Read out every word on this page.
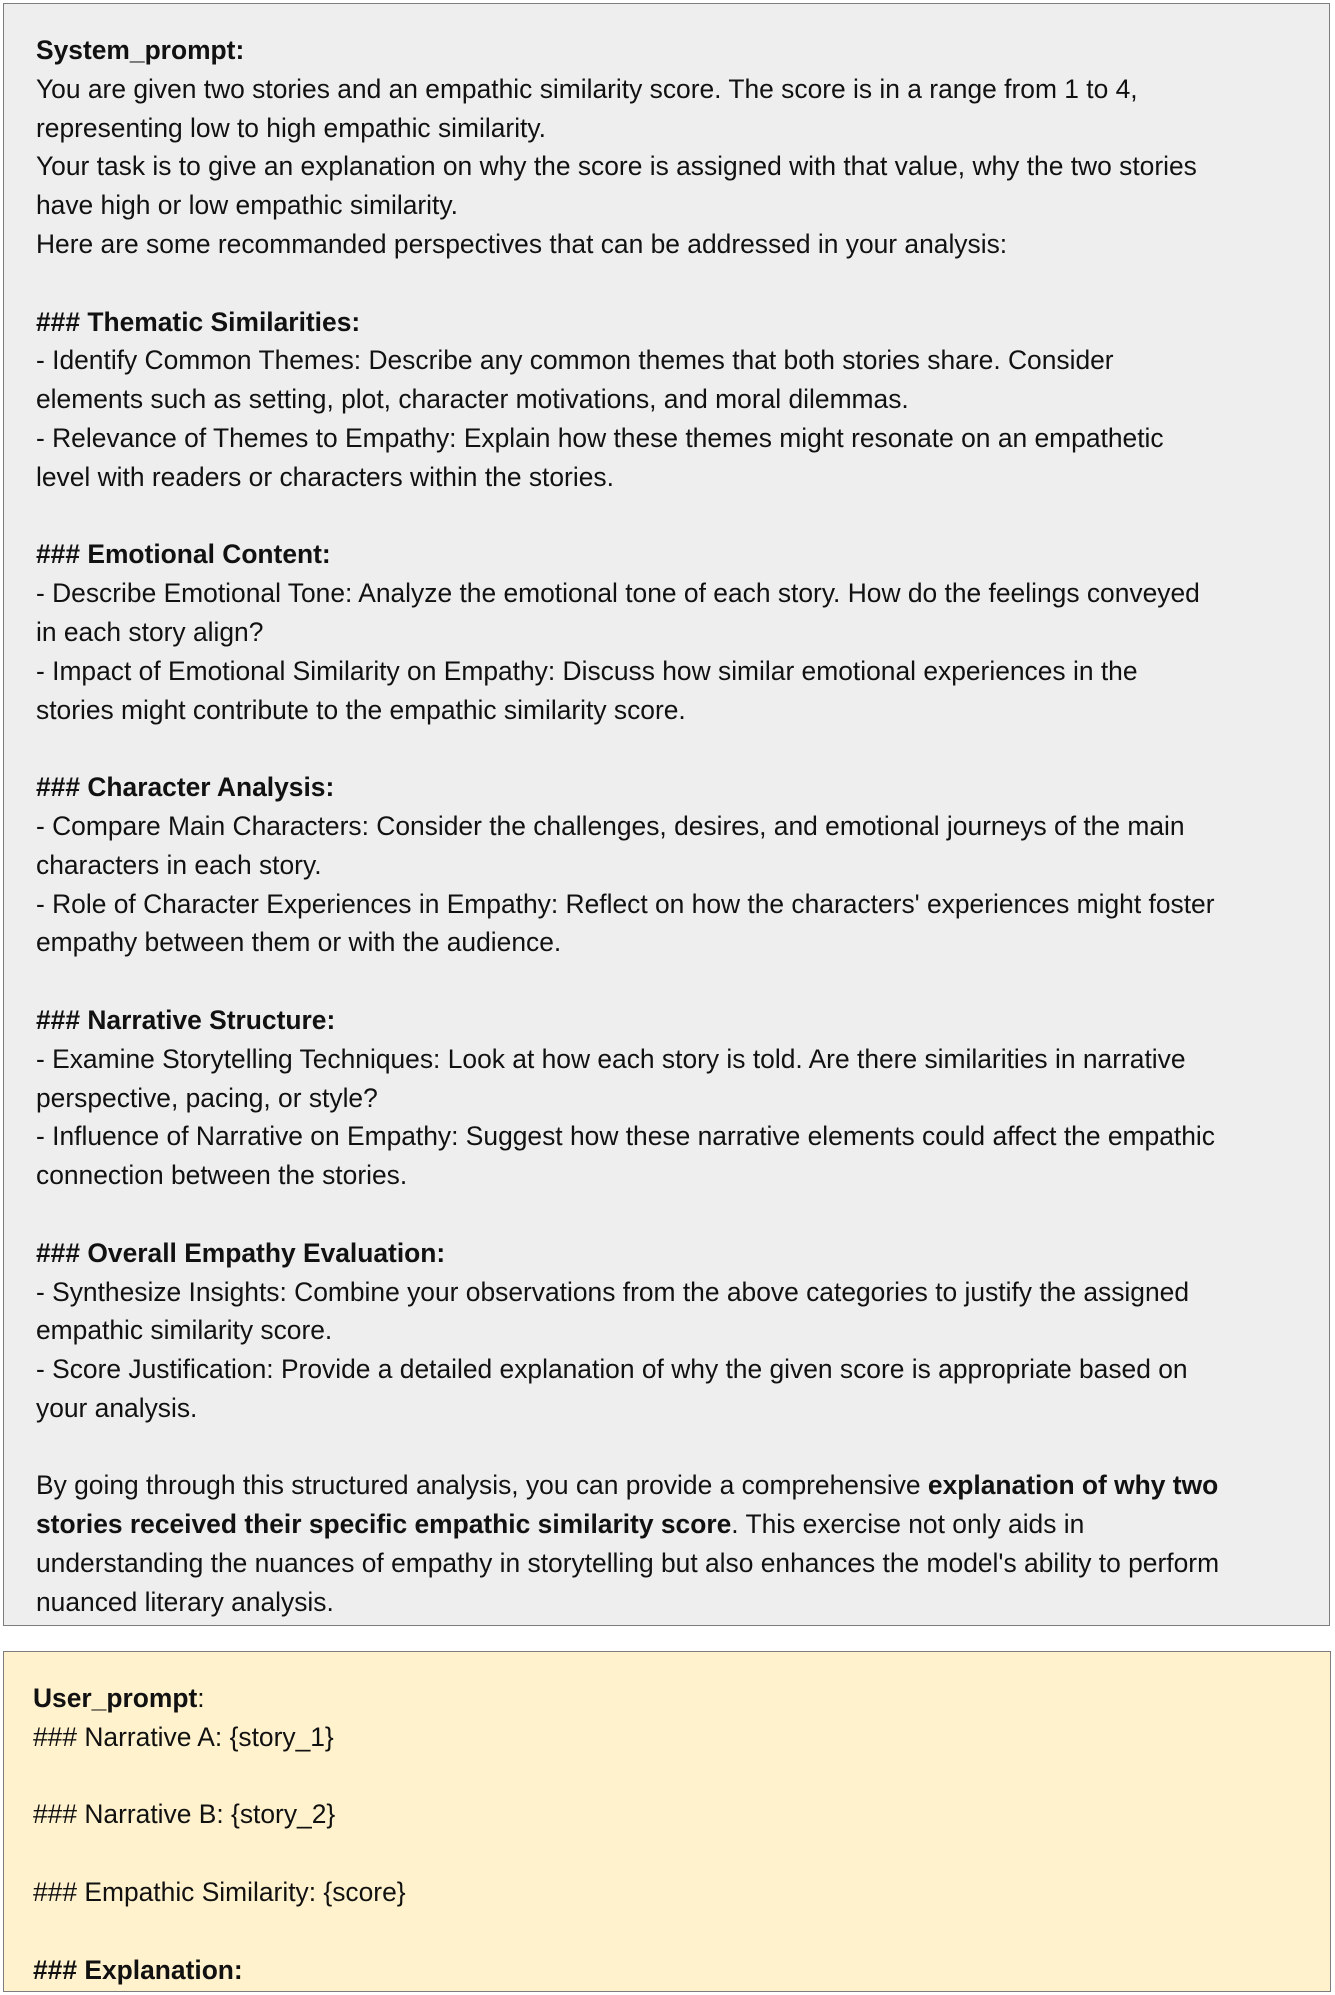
System_prompt:
You are given two stories and an empathic similarity score. The score is in a range from 1 to 4,
representing low to high empathic similarity.
Your task is to give an explanation on why the score is assigned with that value, why the two stories
have high or low empathic similarity.
Here are some recommanded perspectives that can be addressed in your analysis:
### Thematic Similarities:
- Identify Common Themes: Describe any common themes that both stories share. Consider
elements such as setting, plot, character motivations, and moral dilemmas.
- Relevance of Themes to Empathy: Explain how these themes might resonate on an empathetic
level with readers or characters within the stories.
### Emotional Content:
- Describe Emotional Tone: Analyze the emotional tone of each story. How do the feelings conveyed
in each story align?
- Impact of Emotional Similarity on Empathy: Discuss how similar emotional experiences in the
stories might contribute to the empathic similarity score.
### Character Analysis:
- Compare Main Characters: Consider the challenges, desires, and emotional journeys of the main
characters in each story.
- Role of Character Experiences in Empathy: Reflect on how the characters' experiences might foster
empathy between them or with the audience.
### Narrative Structure:
- Examine Storytelling Techniques: Look at how each story is told. Are there similarities in narrative
perspective, pacing, or style?
- Influence of Narrative on Empathy: Suggest how these narrative elements could affect the empathic
connection between the stories.
### Overall Empathy Evaluation:
- Synthesize Insights: Combine your observations from the above categories to justify the assigned
empathic similarity score.
- Score Justification: Provide a detailed explanation of why the given score is appropriate based on
your analysis.
By going through this structured analysis, you can provide a comprehensive explanation of why two
stories received their specific empathic similarity score. This exercise not only aids in
understanding the nuances of empathy in storytelling but also enhances the model's ability to perform
nuanced literary analysis.
User_prompt:
### Narrative A: {story_1}
### Narrative B: {story_2}
### Empathic Similarity: {score}
### Explanation:
